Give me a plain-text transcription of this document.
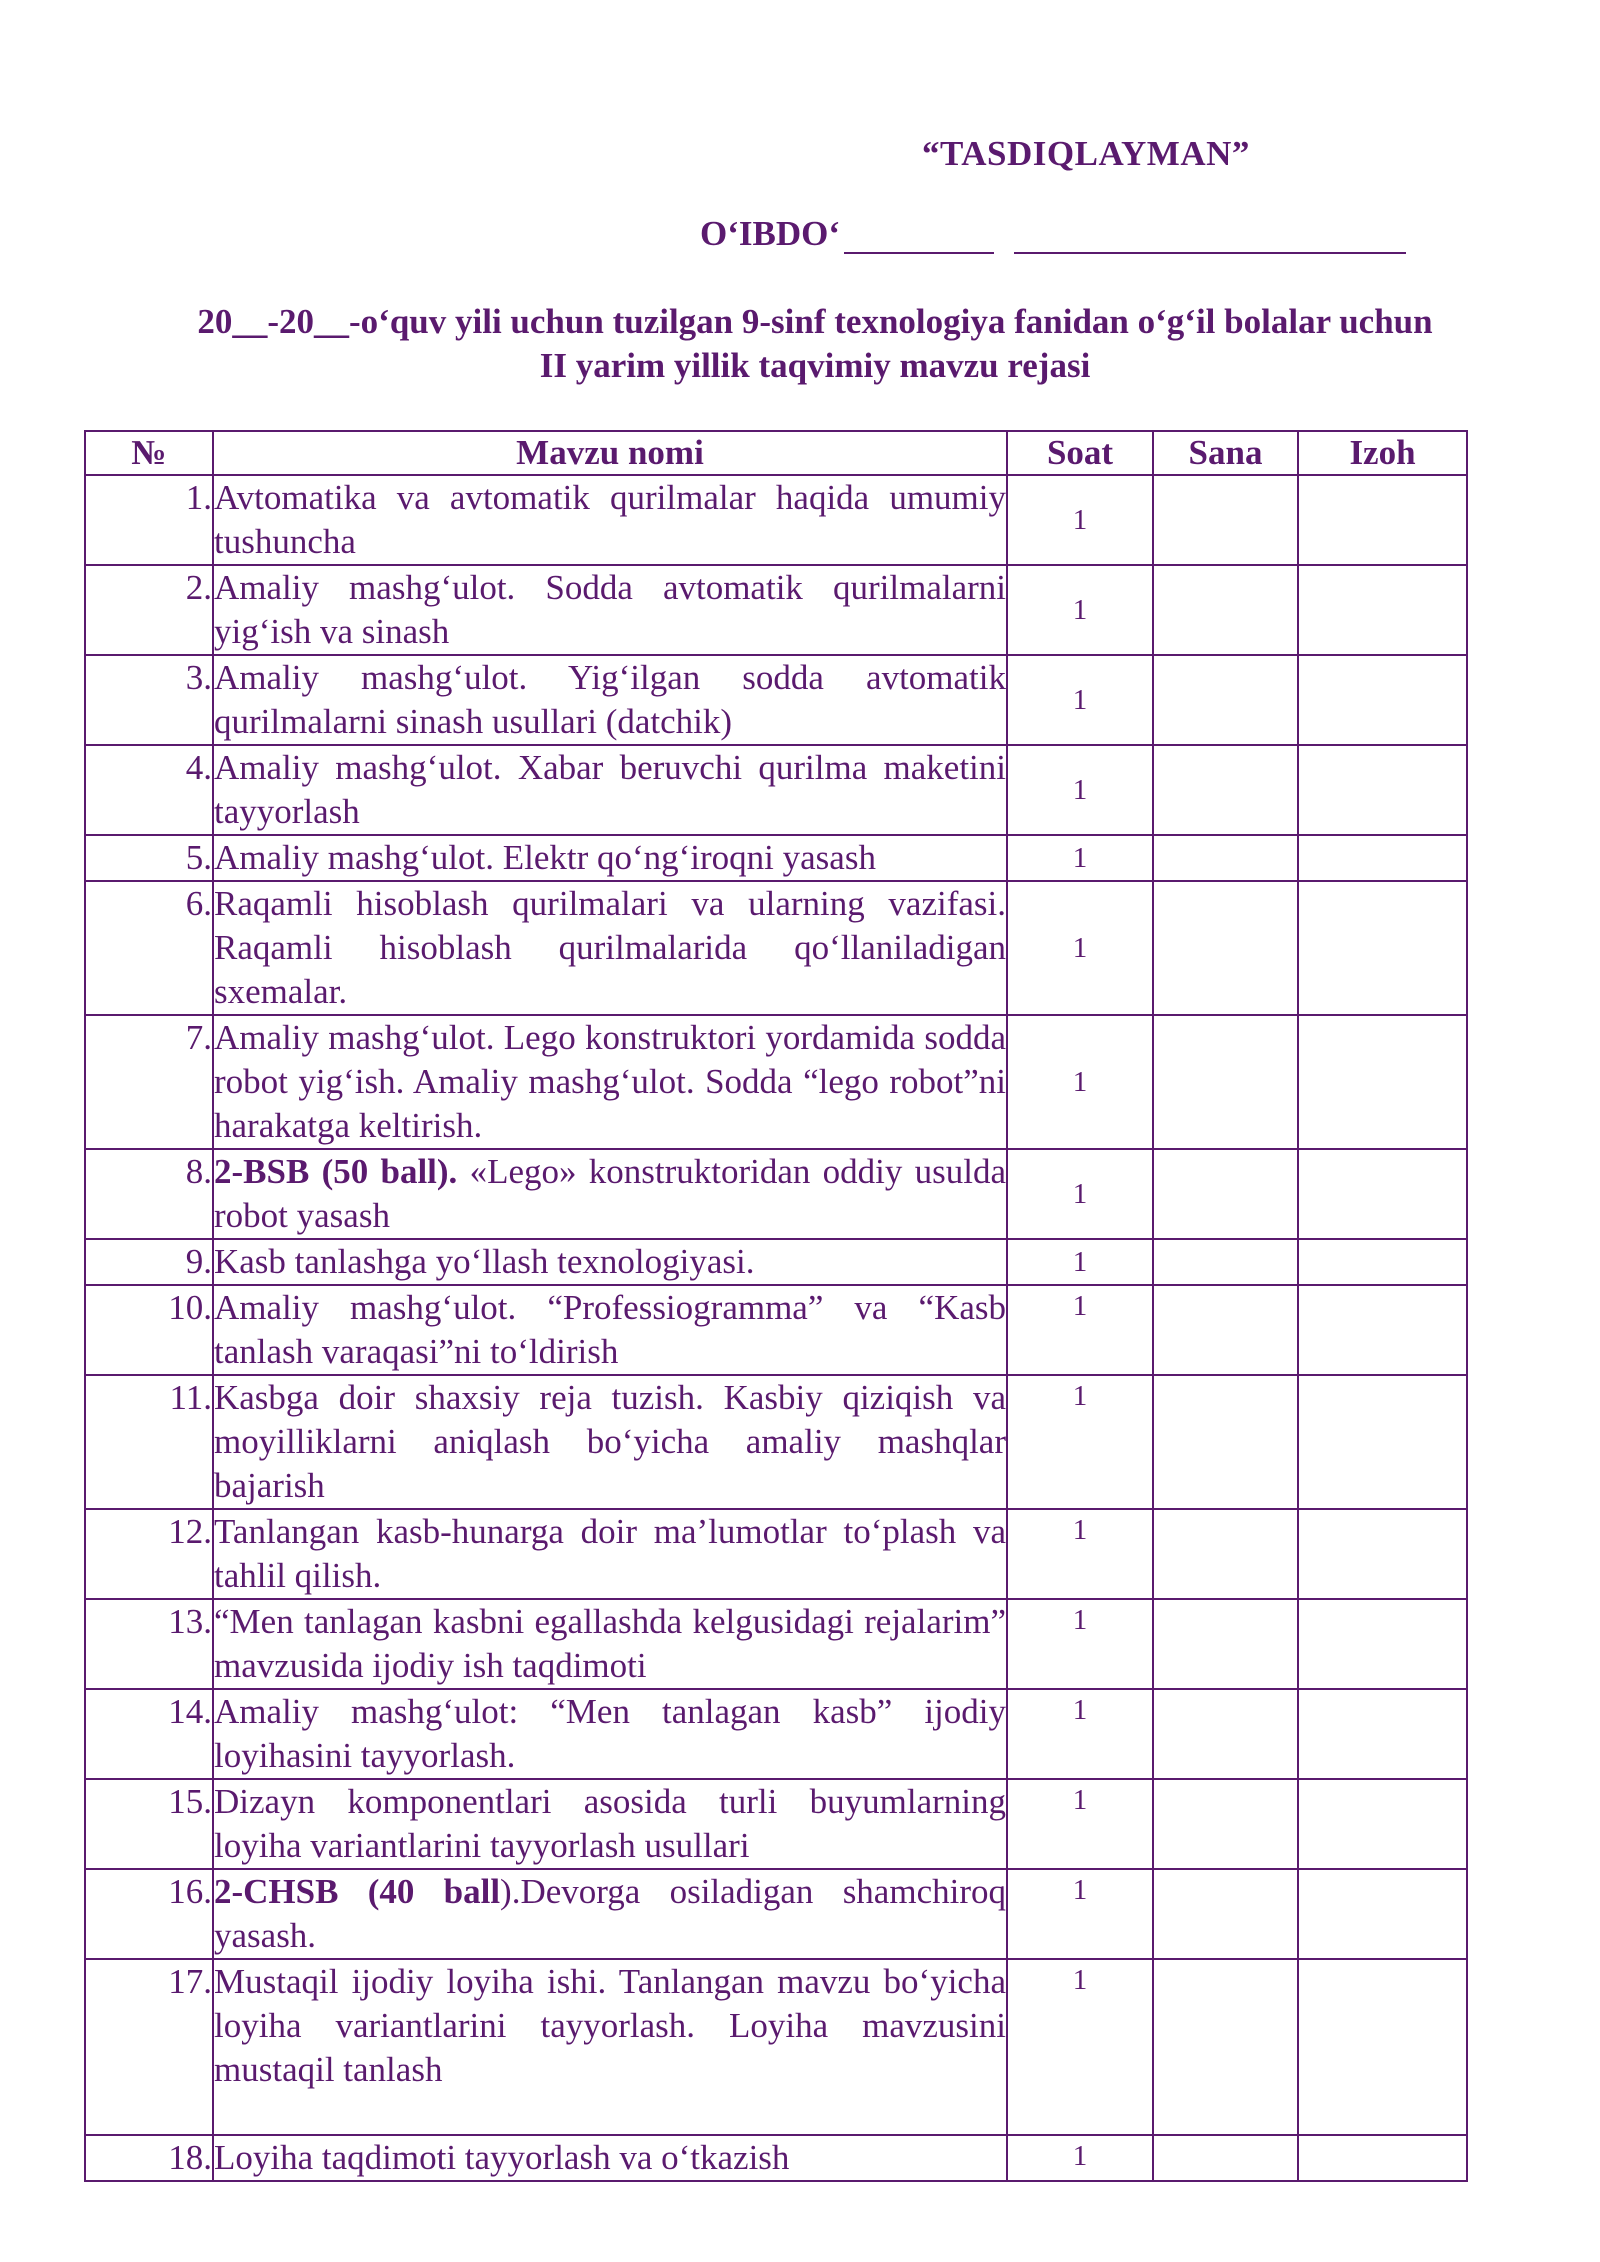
“TASDIQLAYMAN”
O‘IBDO‘
20__-20__-o‘quv yili uchun tuzilgan 9-sinf texnologiya fanidan o‘g‘il bolalar uchun
II yarim yillik taqvimiy mavzu rejasi
№	Mavzu nomi	Soat	Sana	Izoh
1.	Avtomatika va avtomatik qurilmalar haqida umumiy tushuncha	1		
2.	Amaliy mashg‘ulot. Sodda avtomatik qurilmalarni yig‘ish va sinash	1		
3.	Amaliy mashg‘ulot. Yig‘ilgan sodda avtomatik qurilmalarni sinash usullari (datchik)	1		
4.	Amaliy mashg‘ulot. Xabar beruvchi qurilma maketini tayyorlash	1		
5.	Amaliy mashg‘ulot. Elektr qo‘ng‘iroqni yasash	1		
6.	Raqamli hisoblash qurilmalari va ularning vazifasi. Raqamli hisoblash qurilmalarida qo‘llaniladigan sxemalar.	1		
7.	Amaliy mashg‘ulot. Lego konstruktori yordamida sodda robot yig‘ish. Amaliy mashg‘ulot. Sodda “lego robot”ni harakatga keltirish.	1		
8.	2-BSB (50 ball). «Lego» konstruktoridan oddiy usulda robot yasash	1		
9.	Kasb tanlashga yo‘llash texnologiyasi.	1		
10.	Amaliy mashg‘ulot. “Professiogramma” va “Kasb tanlash varaqasi”ni to‘ldirish	1		
11.	Kasbga doir shaxsiy reja tuzish. Kasbiy qiziqish va moyilliklarni aniqlash bo‘yicha amaliy mashqlar bajarish	1		
12.	Tanlangan kasb-hunarga doir ma’lumotlar to‘plash va tahlil qilish.	1		
13.	“Men tanlagan kasbni egallashda kelgusidagi rejalarim” mavzusida ijodiy ish taqdimoti	1		
14.	Amaliy mashg‘ulot: “Men tanlagan kasb” ijodiy loyihasini tayyorlash.	1		
15.	Dizayn komponentlari asosida turli buyumlarning loyiha variantlarini tayyorlash usullari	1		
16.	2-CHSB (40 ball).Devorga osiladigan shamchiroq yasash.	1		
17.	Mustaqil ijodiy loyiha ishi. Tanlangan mavzu bo‘yicha loyiha variantlarini tayyorlash. Loyiha mavzusini mustaqil tanlash	1		
18.	Loyiha taqdimoti tayyorlash va o‘tkazish	1		
